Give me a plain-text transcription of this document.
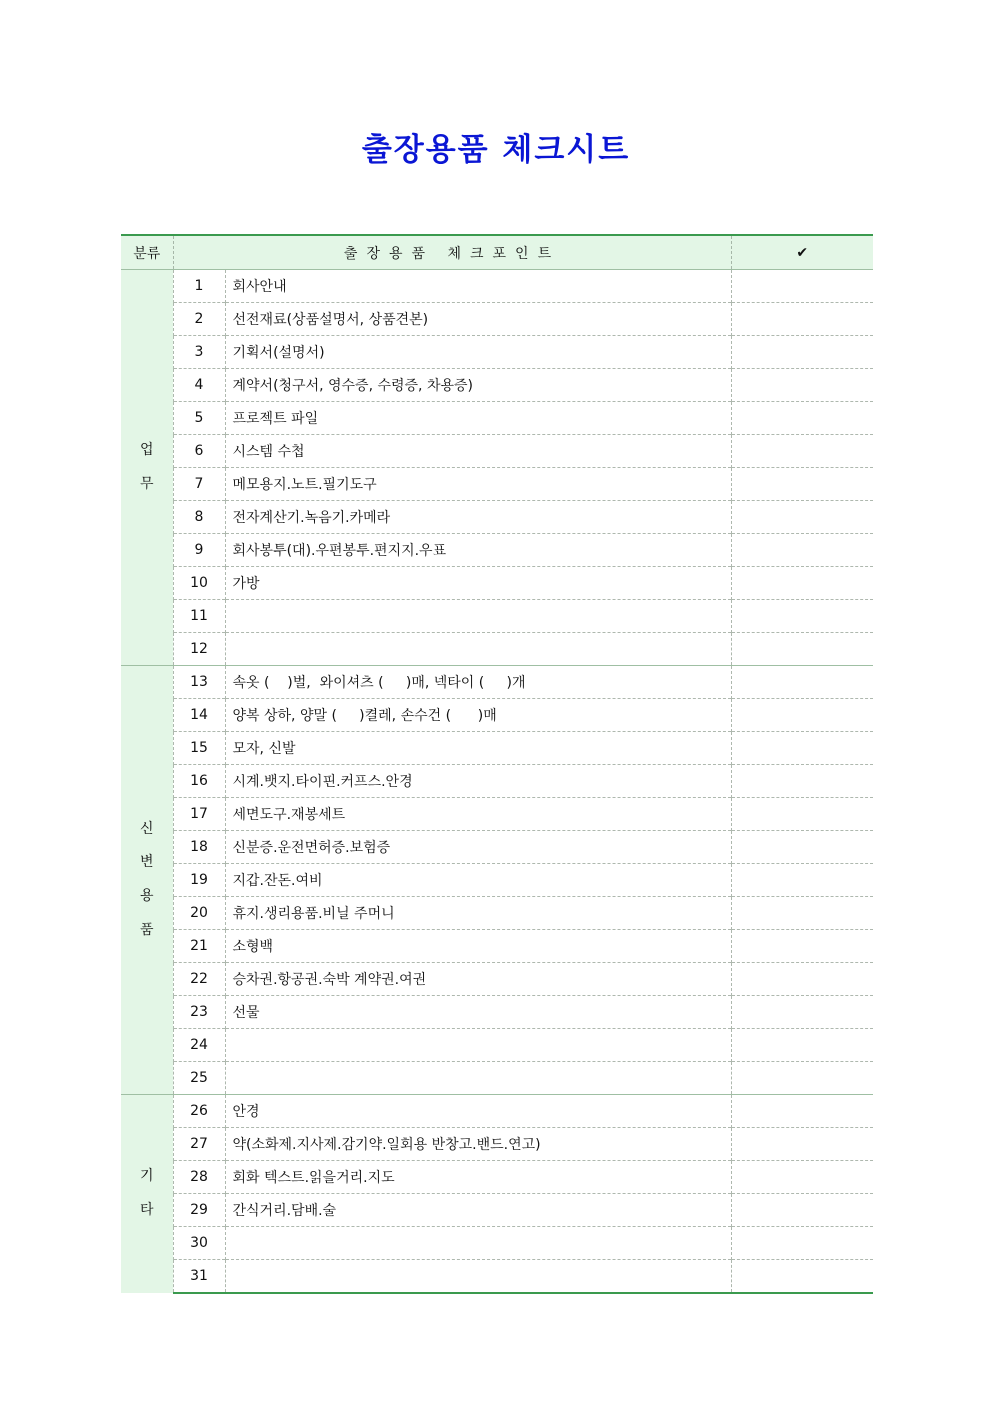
출장용품 체크시트
분류	출장용품 체크포인트		✔

업
무	1	회사안내	
	2	선전재료(상품설명서, 상품견본)	
	3	기획서(설명서)	
	4	계약서(청구서, 영수증, 수령증, 차용증)	
	5	프로젝트 파일	
	6	시스템 수첩	
	7	메모용지.노트.필기도구	
	8	전자계산기.녹음기.카메라	
	9	회사봉투(대).우편봉투.편지지.우표	
	10	가방	
	11		
	12		

신
변
용
품	13	속옷 (    )벌,  와이셔츠 (     )매, 넥타이 (     )개	
	14	양복 상하, 양말 (     )켤레, 손수건 (      )매	
	15	모자, 신발	
	16	시계.뱃지.타이핀.커프스.안경	
	17	세면도구.재봉세트	
	18	신분증.운전면허증.보험증	
	19	지갑.잔돈.여비	
	20	휴지.생리용품.비닐 주머니	
	21	소형백	
	22	승차권.항공권.숙박 계약권.여권	
	23	선물	
	24		
	25		

기
타	26	안경	
	27	약(소화제.지사제.감기약.일회용 반창고.밴드.연고)	
	28	회화 텍스트.읽을거리.지도	
	29	간식거리.담배.술	
	30		
	31		
